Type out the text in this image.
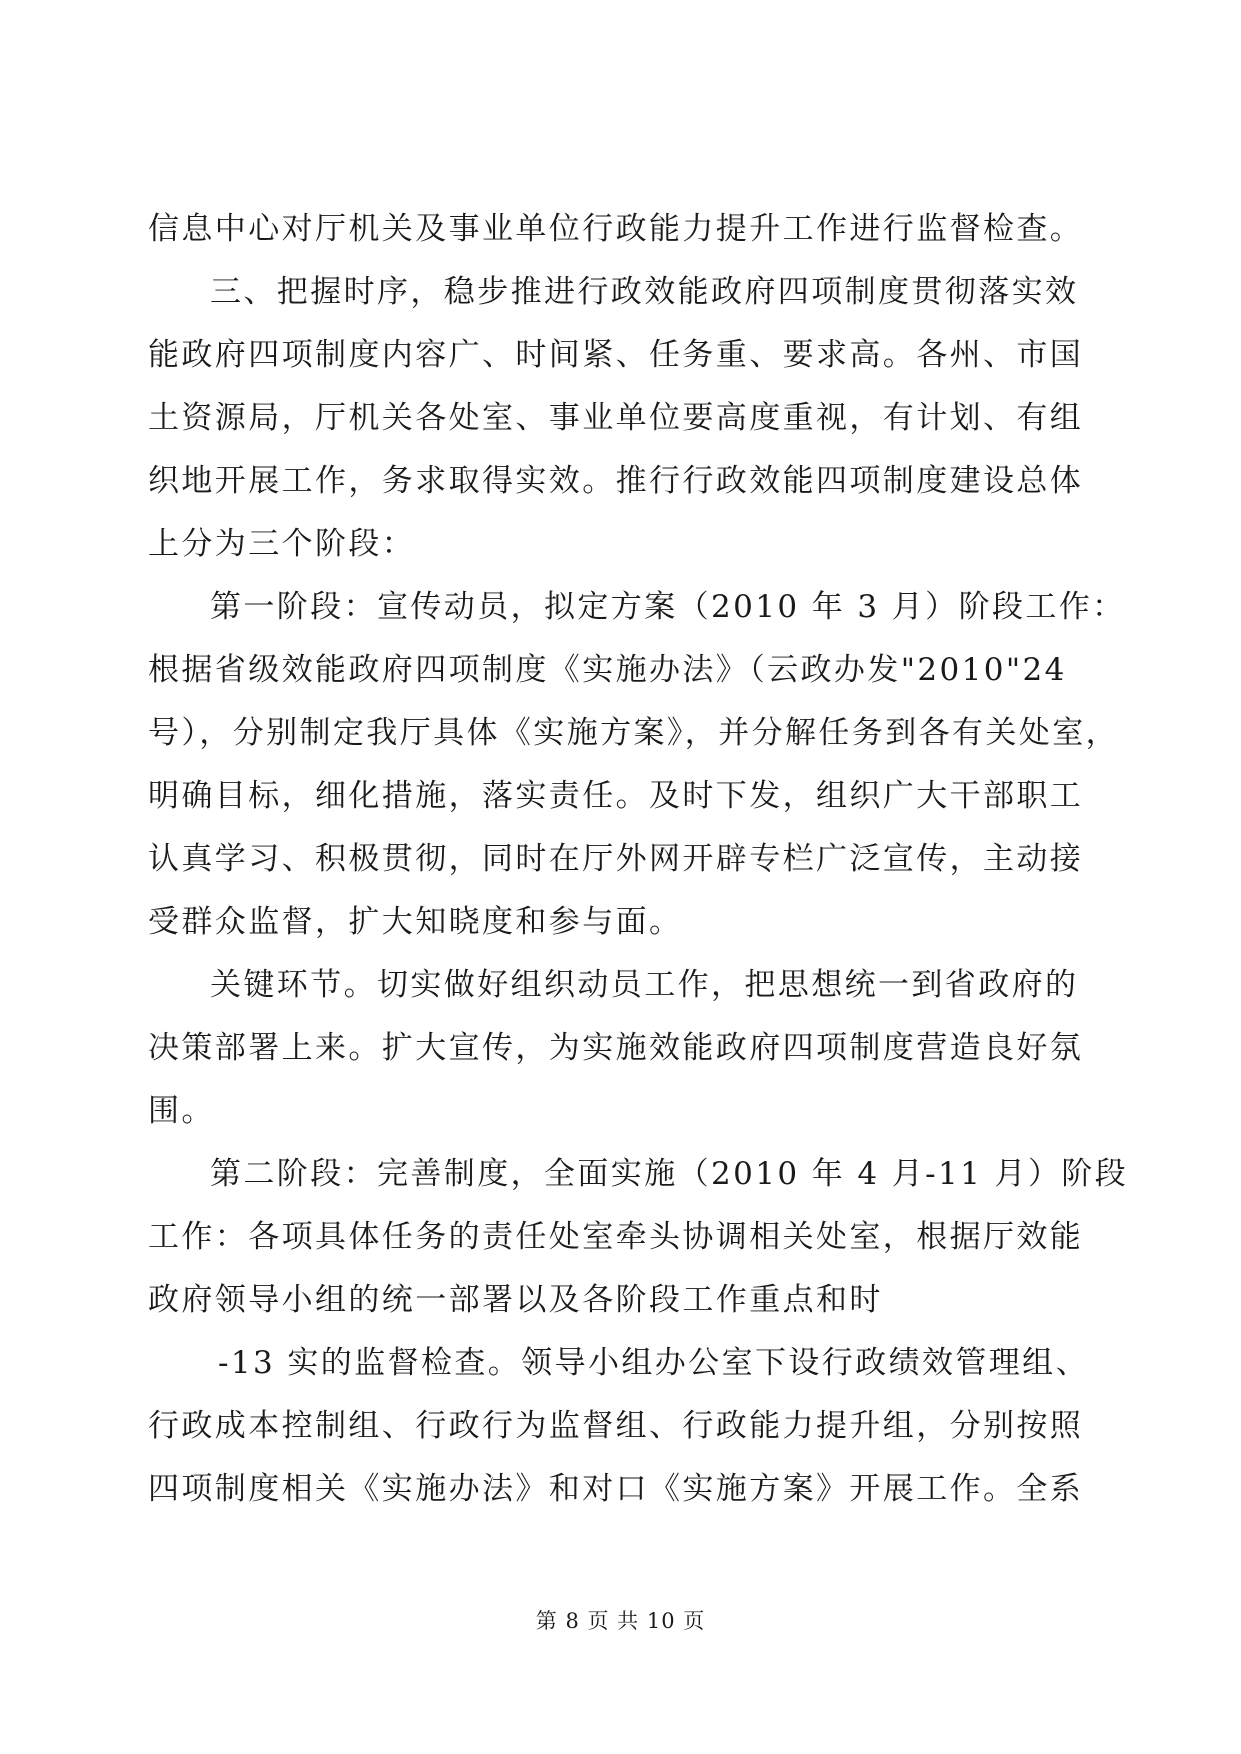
信息中心对厅机关及事业单位行政能力提升工作进行监督检查。
三、把握时序，稳步推进行政效能政府四项制度贯彻落实效
能政府四项制度内容广、时间紧、任务重、要求高。各州、市国
土资源局，厅机关各处室、事业单位要高度重视，有计划、有组
织地开展工作，务求取得实效。推行行政效能四项制度建设总体
上分为三个阶段：
第一阶段：宣传动员，拟定方案（2010 年 3 月）阶段工作：
根据省级效能政府四项制度《实施办法》（云政办发"2010"24
号），分别制定我厅具体《实施方案》，并分解任务到各有关处室，
明确目标，细化措施，落实责任。及时下发，组织广大干部职工
认真学习、积极贯彻，同时在厅外网开辟专栏广泛宣传，主动接
受群众监督，扩大知晓度和参与面。
关键环节。切实做好组织动员工作，把思想统一到省政府的
决策部署上来。扩大宣传，为实施效能政府四项制度营造良好氛
围。
第二阶段：完善制度，全面实施（2010 年 4 月-11 月）阶段
工作：各项具体任务的责任处室牵头协调相关处室，根据厅效能
政府领导小组的统一部署以及各阶段工作重点和时
-13 实的监督检查。领导小组办公室下设行政绩效管理组、
行政成本控制组、行政行为监督组、行政能力提升组，分别按照
四项制度相关《实施办法》和对口《实施方案》开展工作。全系
第 8 页 共 10 页
